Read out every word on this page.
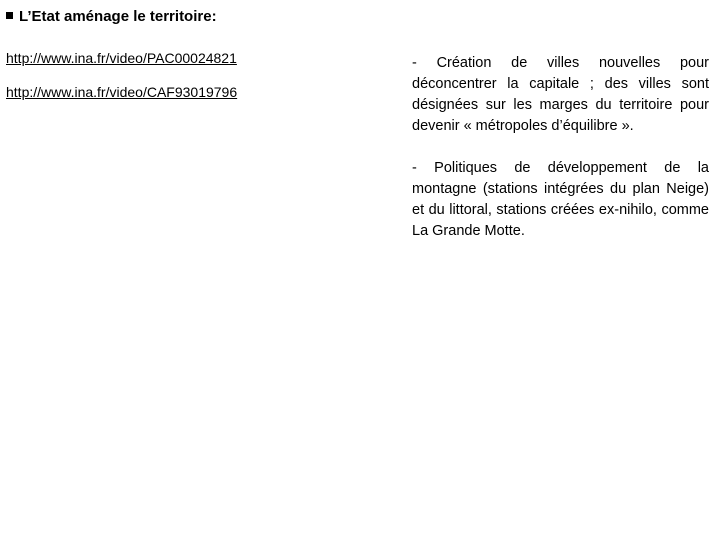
L’Etat aménage le territoire:
http://www.ina.fr/video/PAC00024821
http://www.ina.fr/video/CAF93019796

- Création de villes nouvelles pour déconcentrer la capitale ; des villes sont désignées sur les marges du territoire pour devenir « métropoles d’équilibre ».

- Politiques de développement de la montagne (stations intégrées du plan Neige) et du littoral, stations créées ex-nihilo, comme La Grande Motte.
